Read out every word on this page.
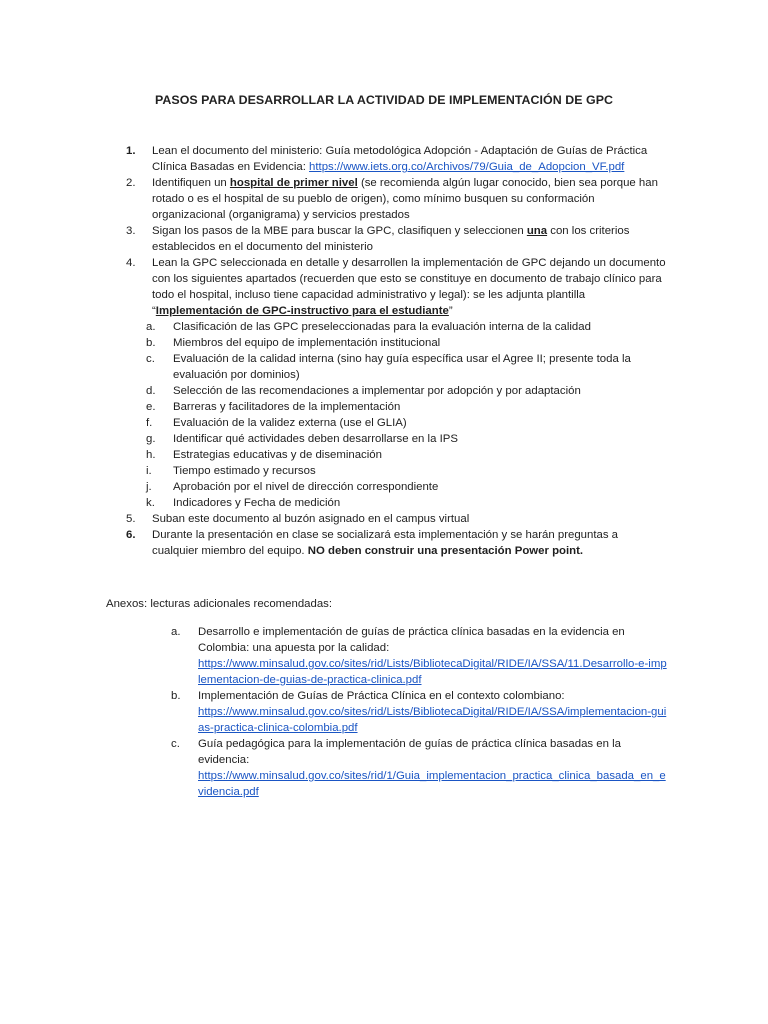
PASOS PARA DESARROLLAR LA ACTIVIDAD DE IMPLEMENTACIÓN DE GPC
1. Lean el documento del ministerio: Guía metodológica Adopción - Adaptación de Guías de Práctica Clínica Basadas en Evidencia: https://www.iets.org.co/Archivos/79/Guia_de_Adopcion_VF.pdf
2. Identifiquen un hospital de primer nivel (se recomienda algún lugar conocido, bien sea porque han rotado o es el hospital de su pueblo de origen), como mínimo busquen su conformación organizacional (organigrama) y servicios prestados
3. Sigan los pasos de la MBE para buscar la GPC, clasifiquen y seleccionen una con los criterios establecidos en el documento del ministerio
4. Lean la GPC seleccionada en detalle y desarrollen la implementación de GPC dejando un documento con los siguientes apartados (recuerden que esto se constituye en documento de trabajo clínico para todo el hospital, incluso tiene capacidad administrativo y legal): se les adjunta plantilla “Implementación de GPC-instructivo para el estudiante”
a. Clasificación de las GPC preseleccionadas para la evaluación interna de la calidad
b. Miembros del equipo de implementación institucional
c. Evaluación de la calidad interna (sino hay guía específica usar el Agree II; presente toda la evaluación por dominios)
d. Selección de las recomendaciones a implementar por adopción y por adaptación
e. Barreras y facilitadores de la implementación
f. Evaluación de la validez externa (use el GLIA)
g. Identificar qué actividades deben desarrollarse en la IPS
h. Estrategias educativas y de diseminación
i. Tiempo estimado y recursos
j. Aprobación por el nivel de dirección correspondiente
k. Indicadores y Fecha de medición
5. Suban este documento al buzón asignado en el campus virtual
6. Durante la presentación en clase se socializará esta implementación y se harán preguntas a cualquier miembro del equipo. NO deben construir una presentación Power point.
Anexos: lecturas adicionales recomendadas:
a. Desarrollo e implementación de guías de práctica clínica basadas en la evidencia en Colombia: una apuesta por la calidad:
https://www.minsalud.gov.co/sites/rid/Lists/BibliotecaDigital/RIDE/IA/SSA/11.Desarrollo-e-implementacion-de-guias-de-practica-clinica.pdf
b. Implementación de Guías de Práctica Clínica en el contexto colombiano:
https://www.minsalud.gov.co/sites/rid/Lists/BibliotecaDigital/RIDE/IA/SSA/implementacion-guias-practica-clinica-colombia.pdf
c. Guía pedagógica para la implementación de guías de práctica clínica basadas en la evidencia:
https://www.minsalud.gov.co/sites/rid/1/Guia_implementacion_practica_clinica_basada_en_evidencia.pdf
